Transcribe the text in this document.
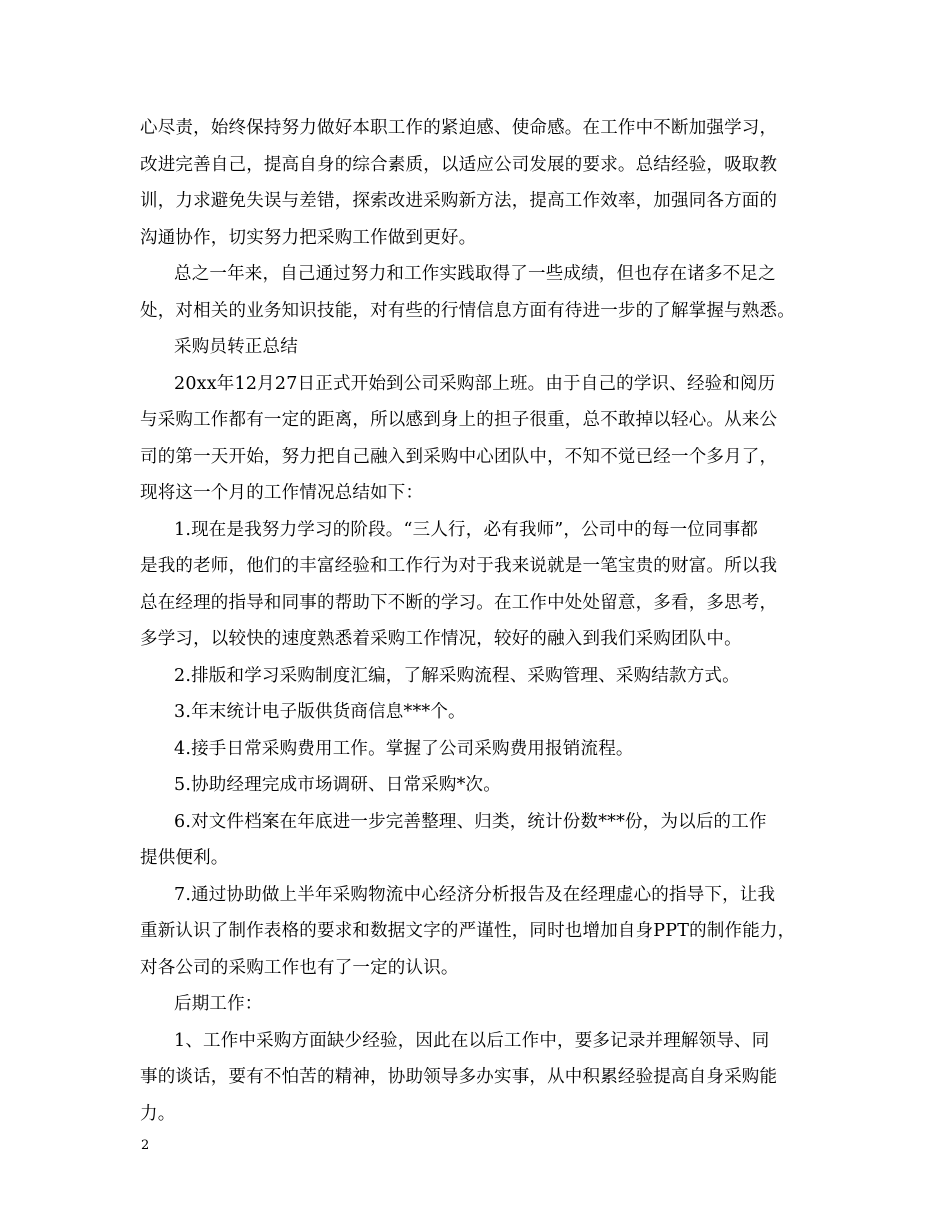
心尽责，始终保持努力做好本职工作的紧迫感、使命感。在工作中不断加强学习，
改进完善自己，提高自身的综合素质，以适应公司发展的要求。总结经验，吸取教
训，力求避免失误与差错，探索改进采购新方法，提高工作效率，加强同各方面的
沟通协作，切实努力把采购工作做到更好。
总之一年来，自己通过努力和工作实践取得了一些成绩，但也存在诸多不足之
处，对相关的业务知识技能，对有些的行情信息方面有待进一步的了解掌握与熟悉。
采购员转正总结
20xx年12月27日正式开始到公司采购部上班。由于自己的学识、经验和阅历
与采购工作都有一定的距离，所以感到身上的担子很重，总不敢掉以轻心。从来公
司的第一天开始，努力把自己融入到采购中心团队中，不知不觉已经一个多月了，
现将这一个月的工作情况总结如下：
1.现在是我努力学习的阶段。“三人行，必有我师”，公司中的每一位同事都
是我的老师，他们的丰富经验和工作行为对于我来说就是一笔宝贵的财富。所以我
总在经理的指导和同事的帮助下不断的学习。在工作中处处留意，多看，多思考，
多学习，以较快的速度熟悉着采购工作情况，较好的融入到我们采购团队中。
2.排版和学习采购制度汇编，了解采购流程、采购管理、采购结款方式。
3.年末统计电子版供货商信息***个。
4.接手日常采购费用工作。掌握了公司采购费用报销流程。
5.协助经理完成市场调研、日常采购*次。
6.对文件档案在年底进一步完善整理、归类，统计份数***份，为以后的工作
提供便利。
7.通过协助做上半年采购物流中心经济分析报告及在经理虚心的指导下，让我
重新认识了制作表格的要求和数据文字的严谨性，同时也增加自身PPT的制作能力，
对各公司的采购工作也有了一定的认识。
后期工作：
1、工作中采购方面缺少经验，因此在以后工作中，要多记录并理解领导、同
事的谈话，要有不怕苦的精神，协助领导多办实事，从中积累经验提高自身采购能
力。
2
